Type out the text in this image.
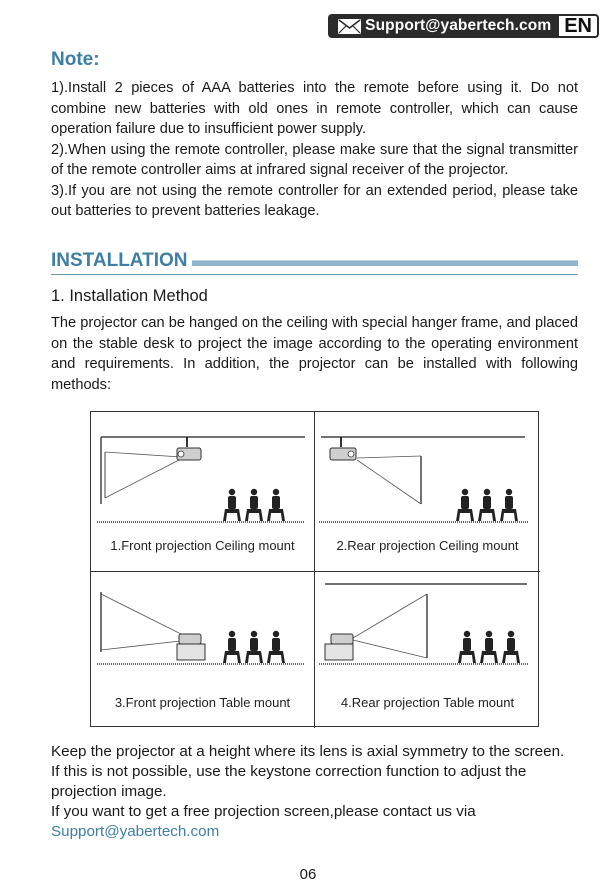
Support@yabertech.com EN
Note:

1).Install 2 pieces of AAA batteries into the remote before using it. Do not combine new batteries with old ones in remote controller, which can cause operation failure due to insufficient power supply.

2).When using the remote controller, please make sure that the signal transmitter of the remote controller aims at infrared signal receiver of the projector.

3).If you are not using the remote controller for an extended period, please take out batteries to prevent batteries leakage.

INSTALLATION
1. Installation Method

The projector can be hanged on the ceiling with special hanger frame, and placed on the stable desk to project the image according to the operating environment and requirements. In addition, the projector can be installed with following methods:

1.Front projection Ceiling mount	2.Rear projection Ceiling mount
3.Front projection Table mount	4.Rear projection Table mount

Keep the projector at a height where its lens is axial symmetry to the screen.

If this is not possible, use the keystone correction function to adjust the projection image.

If you want to get a free projection screen,please contact us via

Support@yabertech.com

06
